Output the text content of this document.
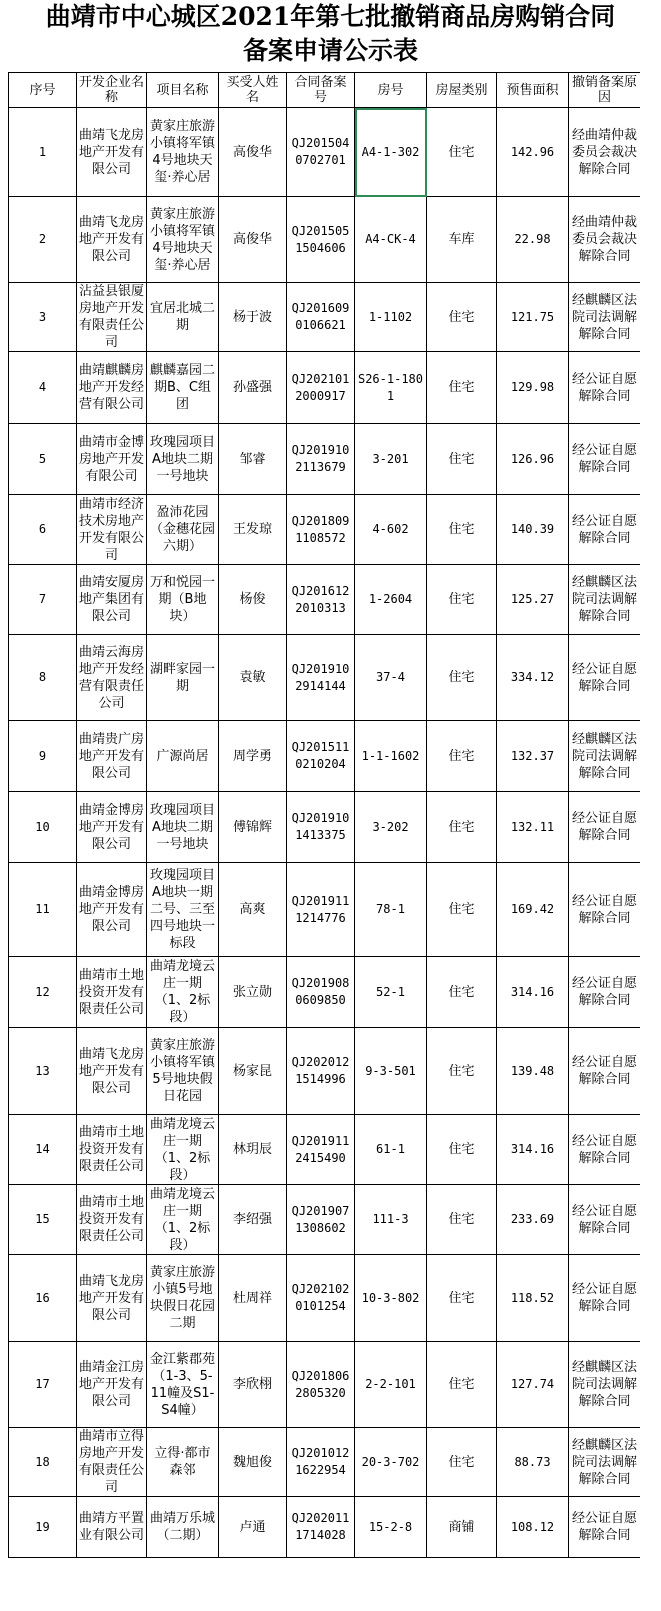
曲靖市中心城区2021年第七批撤销商品房购销合同
备案申请公示表
序号	开发企业名称	项目名称	买受人姓名	合同备案号	房号	房屋类别	预售面积	撤销备案原因
1	曲靖飞龙房地产开发有限公司	黄家庄旅游小镇将军镇4号地块天玺·养心居	高俊华	QJ2015040702701	A4-1-302	住宅	142.96	经曲靖仲裁委员会裁决解除合同
2	曲靖飞龙房地产开发有限公司	黄家庄旅游小镇将军镇4号地块天玺·养心居	高俊华	QJ2015051504606	A4-CK-4	车库	22.98	经曲靖仲裁委员会裁决解除合同
3	沾益县银厦房地产开发有限责任公司	宜居北城二期	杨于波	QJ2016090106621	1-1102	住宅	121.75	经麒麟区法院司法调解解除合同
4	曲靖麒麟房地产开发经营有限公司	麒麟嘉园二期B、C组团	孙盛强	QJ2021012000917	S26-1-1801	住宅	129.98	经公证自愿解除合同
5	曲靖市金博房地产开发有限公司	玫瑰园项目A地块二期一号地块	邹睿	QJ2019102113679	3-201	住宅	126.96	经公证自愿解除合同
6	曲靖市经济技术房地产开发有限公司	盈沛花园（金穗花园六期）	王发琼	QJ2018091108572	4-602	住宅	140.39	经公证自愿解除合同
7	曲靖安厦房地产集团有限公司	万和悦园一期（B地块）	杨俊	QJ2016122010313	1-2604	住宅	125.27	经麒麟区法院司法调解解除合同
8	曲靖云海房地产开发经营有限责任公司	湖畔家园一期	袁敏	QJ2019102914144	37-4	住宅	334.12	经公证自愿解除合同
9	曲靖贵广房地产开发有限公司	广源尚居	周学勇	QJ2015110210204	1-1-1602	住宅	132.37	经麒麟区法院司法调解解除合同
10	曲靖金博房地产开发有限公司	玫瑰园项目A地块二期一号地块	傅锦辉	QJ2019101413375	3-202	住宅	132.11	经公证自愿解除合同
11	曲靖金博房地产开发有限公司	玫瑰园项目A地块一期二号、三至四号地块一标段	高爽	QJ2019111214776	78-1	住宅	169.42	经公证自愿解除合同
12	曲靖市土地投资开发有限责任公司	曲靖龙境云庄一期（1、2标段）	张立勋	QJ2019080609850	52-1	住宅	314.16	经公证自愿解除合同
13	曲靖飞龙房地产开发有限公司	黄家庄旅游小镇将军镇5号地块假日花园	杨家昆	QJ2020121514996	9-3-501	住宅	139.48	经公证自愿解除合同
14	曲靖市土地投资开发有限责任公司	曲靖龙境云庄一期（1、2标段）	林玥辰	QJ2019112415490	61-1	住宅	314.16	经公证自愿解除合同
15	曲靖市土地投资开发有限责任公司	曲靖龙境云庄一期（1、2标段）	李绍强	QJ2019071308602	111-3	住宅	233.69	经公证自愿解除合同
16	曲靖飞龙房地产开发有限公司	黄家庄旅游小镇5号地块假日花园二期	杜周祥	QJ2021020101254	10-3-802	住宅	118.52	经公证自愿解除合同
17	曲靖金江房地产开发有限公司	金江紫郡苑（1-3、5-11幢及S1-S4幢）	李欣栩	QJ2018062805320	2-2-101	住宅	127.74	经麒麟区法院司法调解解除合同
18	曲靖市立得房地产开发有限责任公司	立得·都市森邻	魏旭俊	QJ2010121622954	20-3-702	住宅	88.73	经麒麟区法院司法调解解除合同
19	曲靖方平置业有限公司	曲靖万乐城（二期）	卢通	QJ2020111714028	15-2-8	商铺	108.12	经公证自愿解除合同
